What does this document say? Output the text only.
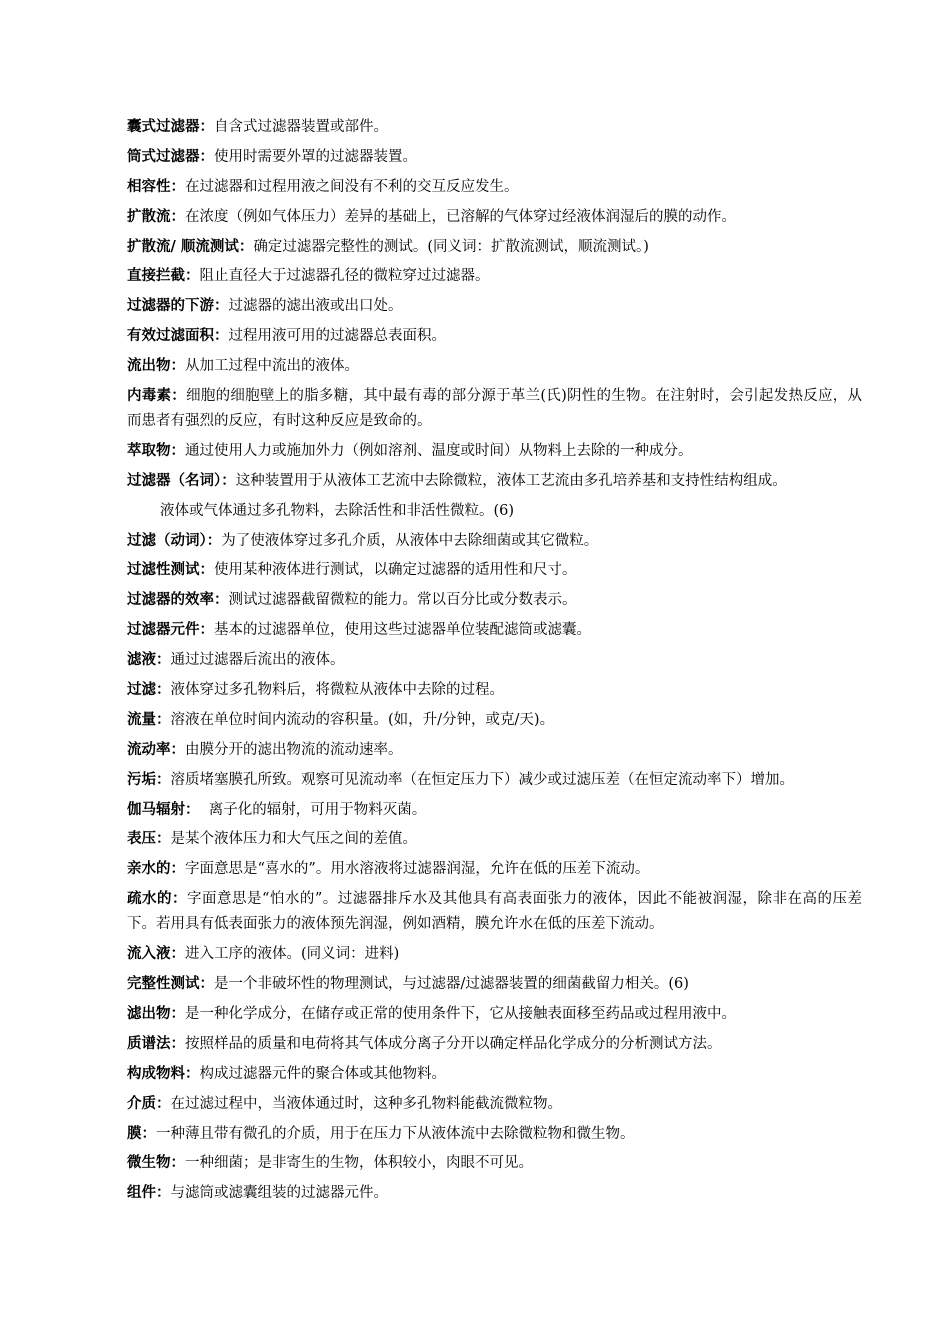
囊式过滤器：自含式过滤器装置或部件。

筒式过滤器：使用时需要外罩的过滤器装置。

相容性：在过滤器和过程用液之间没有不利的交互反应发生。

扩散流：在浓度（例如气体压力）差异的基础上，已溶解的气体穿过经液体润湿后的膜的动作。

扩散流/ 顺流测试：确定过滤器完整性的测试。(同义词：扩散流测试，顺流测试。)

直接拦截：阻止直径大于过滤器孔径的微粒穿过过滤器。

过滤器的下游：过滤器的滤出液或出口处。

有效过滤面积：过程用液可用的过滤器总表面积。

流出物：从加工过程中流出的液体。

内毒素：细胞的细胞壁上的脂多糖，其中最有毒的部分源于革兰(氏)阴性的生物。在注射时，会引起发热反应，从而患者有强烈的反应，有时这种反应是致命的。

萃取物：通过使用人力或施加外力（例如溶剂、温度或时间）从物料上去除的一种成分。

过滤器（名词）：这种装置用于从液体工艺流中去除微粒，液体工艺流由多孔培养基和支持性结构组成。

液体或气体通过多孔物料，去除活性和非活性微粒。(6)

过滤（动词）：为了使液体穿过多孔介质，从液体中去除细菌或其它微粒。

过滤性测试：使用某种液体进行测试，以确定过滤器的适用性和尺寸。

过滤器的效率：测试过滤器截留微粒的能力。常以百分比或分数表示。

过滤器元件：基本的过滤器单位，使用这些过滤器单位装配滤筒或滤囊。

滤液：通过过滤器后流出的液体。

过滤：液体穿过多孔物料后，将微粒从液体中去除的过程。

流量：溶液在单位时间内流动的容积量。(如，升/分钟，或克/天)。

流动率：由膜分开的滤出物流的流动速率。

污垢：溶质堵塞膜孔所致。观察可见流动率（在恒定压力下）减少或过滤压差（在恒定流动率下）增加。

伽马辐射：  离子化的辐射，可用于物料灭菌。

表压：是某个液体压力和大气压之间的差值。

亲水的：字面意思是“喜水的”。用水溶液将过滤器润湿，允许在低的压差下流动。

疏水的：字面意思是“怕水的”。过滤器排斥水及其他具有高表面张力的液体，因此不能被润湿，除非在高的压差下。若用具有低表面张力的液体预先润湿，例如酒精，膜允许水在低的压差下流动。

流入液：进入工序的液体。(同义词：进料)

完整性测试：是一个非破坏性的物理测试，与过滤器/过滤器装置的细菌截留力相关。(6)

滤出物：是一种化学成分，在储存或正常的使用条件下，它从接触表面移至药品或过程用液中。

质谱法：按照样品的质量和电荷将其气体成分离子分开以确定样品化学成分的分析测试方法。

构成物料：构成过滤器元件的聚合体或其他物料。

介质：在过滤过程中，当液体通过时，这种多孔物料能截流微粒物。

膜：一种薄且带有微孔的介质，用于在压力下从液体流中去除微粒物和微生物。

微生物：一种细菌；是非寄生的生物，体积较小，肉眼不可见。

组件：与滤筒或滤囊组装的过滤器元件。
